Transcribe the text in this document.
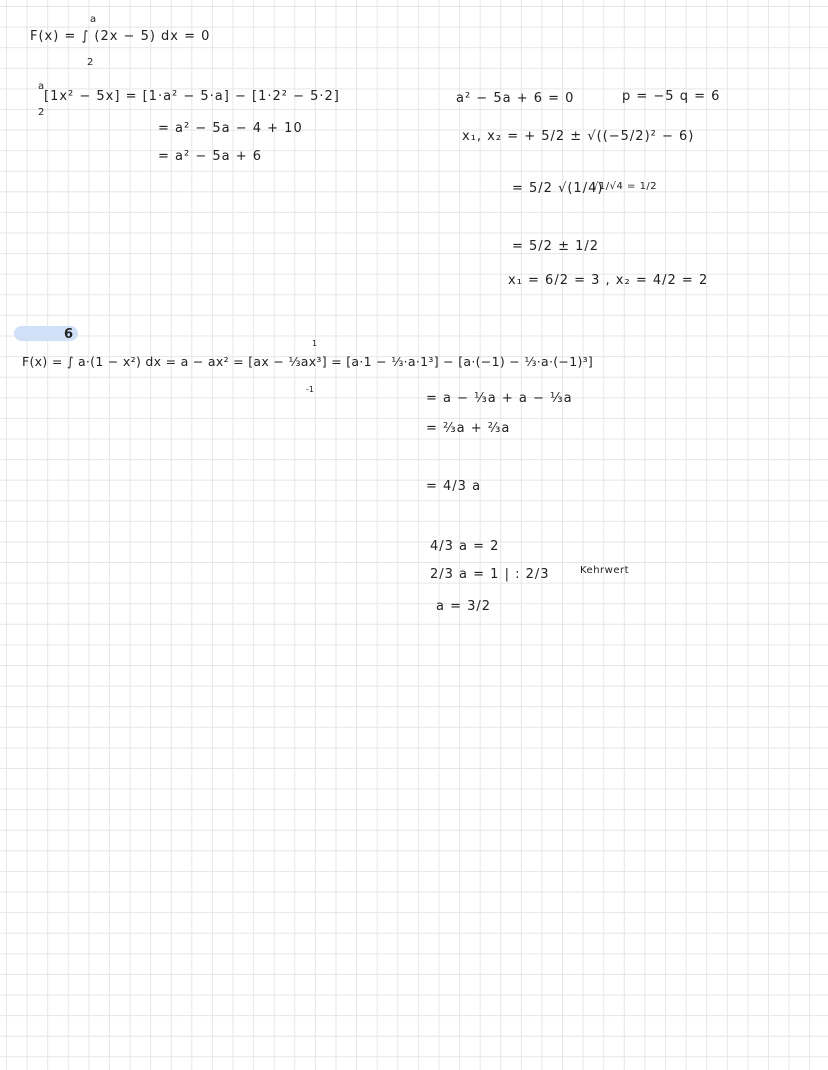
F(x) = ∫ (2x − 5) dx = 0
a
2
a
2
[1x² − 5x] = [1·a² − 5·a] − [1·2² − 5·2]
= a² − 5a − 4 + 10
= a² − 5a + 6
a² − 5a + 6 = 0	p = −5 q = 6
x₁, x₂ = + 5/2 ± √((−5/2)² − 6)
= 5/2 √(1/4)
√1/√4 = 1/2
= 5/2 ± 1/2
x₁ = 6/2 = 3 , x₂ = 4/2 = 2
6
F(x) = ∫ a·(1 − x²) dx = a − ax² = [ax − ⅓ax³] = [a·1 − ⅓·a·1³] − [a·(−1) − ⅓·a·(−1)³]
1
-1
= a − ⅓a + a − ⅓a
= ⅔a + ⅔a
= 4/3 a
4/3 a = 2
2/3 a = 1 | : 2/3	Kehrwert
a = 3/2
